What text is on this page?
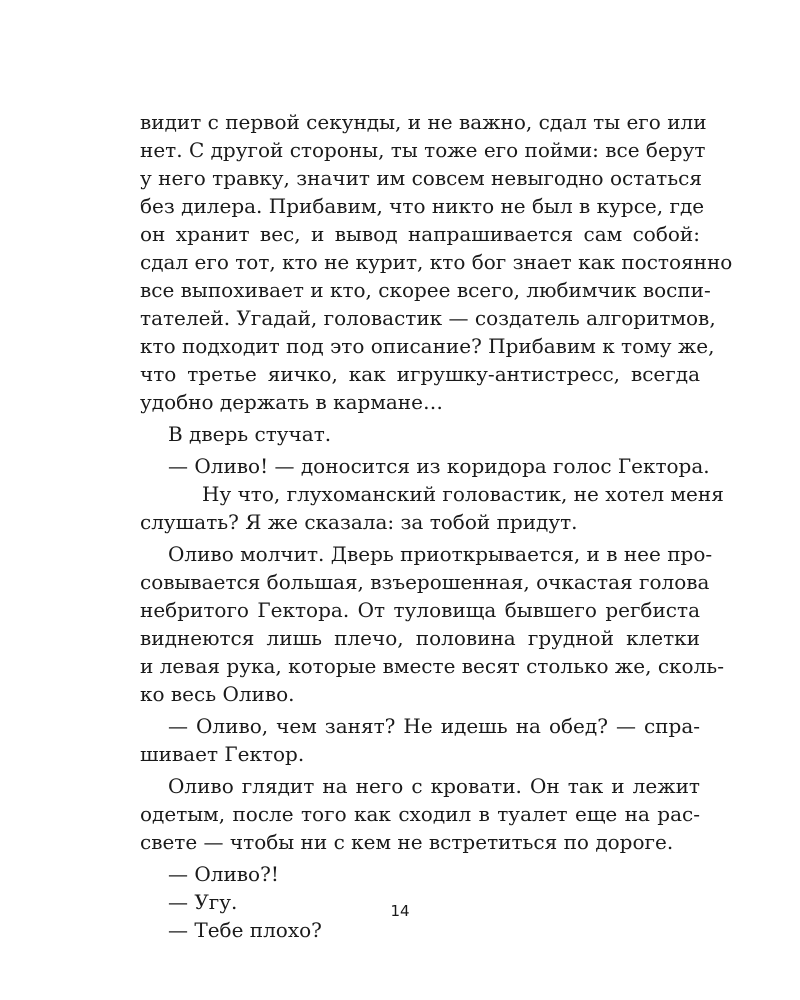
видит с первой секунды, и не важно, сдал ты его или
нет. С другой стороны, ты тоже его пойми: все берут
у него травку, значит им совсем невыгодно остаться
без дилера. Прибавим, что никто не был в курсе, где
он хранит вес, и вывод напрашивается сам собой:
сдал его тот, кто не курит, кто бог знает как постоянно
все выпохивает и кто, скорее всего, любимчик воспи-
тателей. Угадай, головастик — создатель алгоритмов,
кто подходит под это описание? Прибавим к тому же,
что третье яичко, как игрушку-антистресс, всегда
удобно держать в кармане…
В дверь стучат.
— Оливо! — доносится из коридора голос Гектора.
Ну что, глухоманский головастик, не хотел меня
слушать? Я же сказала: за тобой придут.
Оливо молчит. Дверь приоткрывается, и в нее про-
совывается большая, взъерошенная, очкастая голова
небритого Гектора. От туловища бывшего регбиста
виднеются лишь плечо, половина грудной клетки
и левая рука, которые вместе весят столько же, сколь-
ко весь Оливо.
— Оливо, чем занят? Не идешь на обед? — спра-
шивает Гектор.
Оливо глядит на него с кровати. Он так и лежит
одетым, после того как сходил в туалет еще на рас-
свете — чтобы ни с кем не встретиться по дороге.
— Оливо?!
— Угу.
— Тебе плохо?
14
